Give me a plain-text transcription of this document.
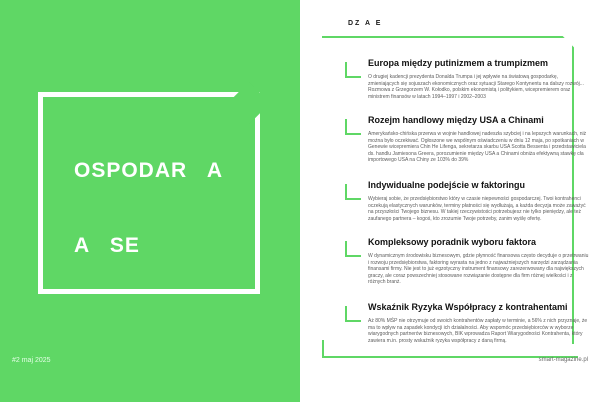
OSPODAR   A

A   SE

#2 maj 2025
DZ A E
Europa między putinizmem a trumpizmem
O drugiej kadencji prezydenta Donalda Trumpa i jej wpływie na światową gospodarkę, zmieniających się sojuszach ekonomicznych oraz sytuacji Starego Kontynentu na dalszy rozwój... Rozmowa z Grzegorzem W. Kołodko, polskim ekonomistą i politykiem, wicepremierem oraz ministrem finansów w latach 1994–1997 i 2002–2003
Rozejm handlowy między USA a Chinami
Amerykańsko-chińska przerwa w wojnie handlowej nadeszła szybciej i na lepszych warunkach, niż można było oczekiwać. Ogłoszone we wspólnym oświadczeniu w dniu 12 maja, po spotkaniach w Genewie wicepremiera Chin He Lifenga, sekretarza skarbu USA Scotta Bessenta i przedstawiciela ds. handlu Jamiesona Greera, porozumienie między USA a Chinami obniża efektywną stawkę cła importowego USA na Chiny ze 103% do 39%
Indywidualne podejście w faktoringu
Wybieraj sobie, że przedsiębiorstwo który w czasie niepewności gospodarczej. Twoi kontrahenci oczekują elastycznych warunków, terminy płatności się wydłużają, a każda decyzja może zaważyć na przyszłości Twojego biznesu. W takiej rzeczywistości potrzebujesz nie tylko pieniędzy, ale też zaufanego partnera – kogoś, kto zrozumie Twoje potrzeby, zanim wyślę ofertę.
Kompleksowy poradnik wyboru faktora
W dynamicznym środowisku biznesowym, gdzie płynność finansowa często decyduje o przetrwaniu i rozwoju przedsiębiorstwa, faktoring wyrasta na jedno z najważniejszych narzędzi zarządzania finansami firmy. Nie jest to już egzotyczny instrument finansowy zarezerwowany dla największych graczy, ale coraz powszechniej stosowane rozwiązanie dostępne dla firm różnej wielkości i z różnych branż.
Wskaźnik Ryzyka Współpracy z kontrahentami
Aż 80% MŚP nie otrzymuje od swoich kontrahentów zapłaty w terminie, a 56% z nich przyznaje, że ma to wpływ na zapadek kondycji ich działalności. Aby wspomóc przedsiębiorców w wyborze wiarygodnych partnerów biznesowych, BIK wprowadza Raport Wiarygodności Kontrahenta, który zawiera m.in. prosty wskaźnik ryzyka współpracy z daną firmą.
smart-magazine.pl
